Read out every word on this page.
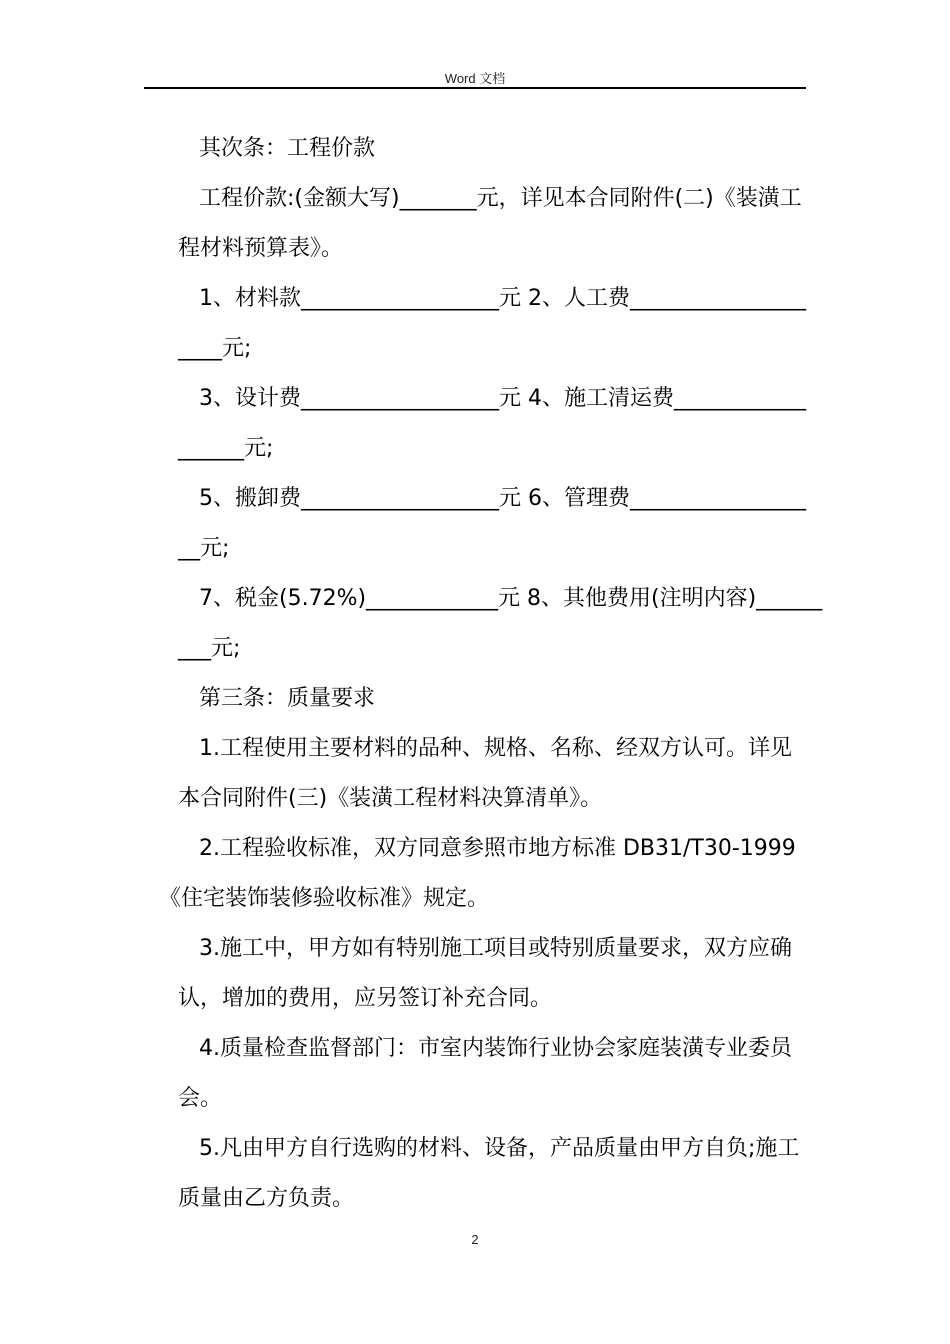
Word 文档
其次条：工程价款
工程价款:(金额大写)_______元，详见本合同附件(二)《装潢工
程材料预算表》。
1、材料款__________________元 2、人工费________________
____元;
3、设计费__________________元 4、施工清运费____________
______元;
5、搬卸费__________________元 6、管理费________________
__元;
7、税金(5.72%)____________元 8、其他费用(注明内容)______
___元;
第三条：质量要求
1.工程使用主要材料的品种、规格、名称、经双方认可。详见
本合同附件(三)《装潢工程材料决算清单》。
2.工程验收标准，双方同意参照市地方标准 DB31/T30-1999
《住宅装饰装修验收标准》规定。
3.施工中，甲方如有特别施工项目或特别质量要求，双方应确
认，增加的费用，应另签订补充合同。
4.质量检查监督部门：市室内装饰行业协会家庭装潢专业委员
会。
5.凡由甲方自行选购的材料、设备，产品质量由甲方自负;施工
质量由乙方负责。
2
